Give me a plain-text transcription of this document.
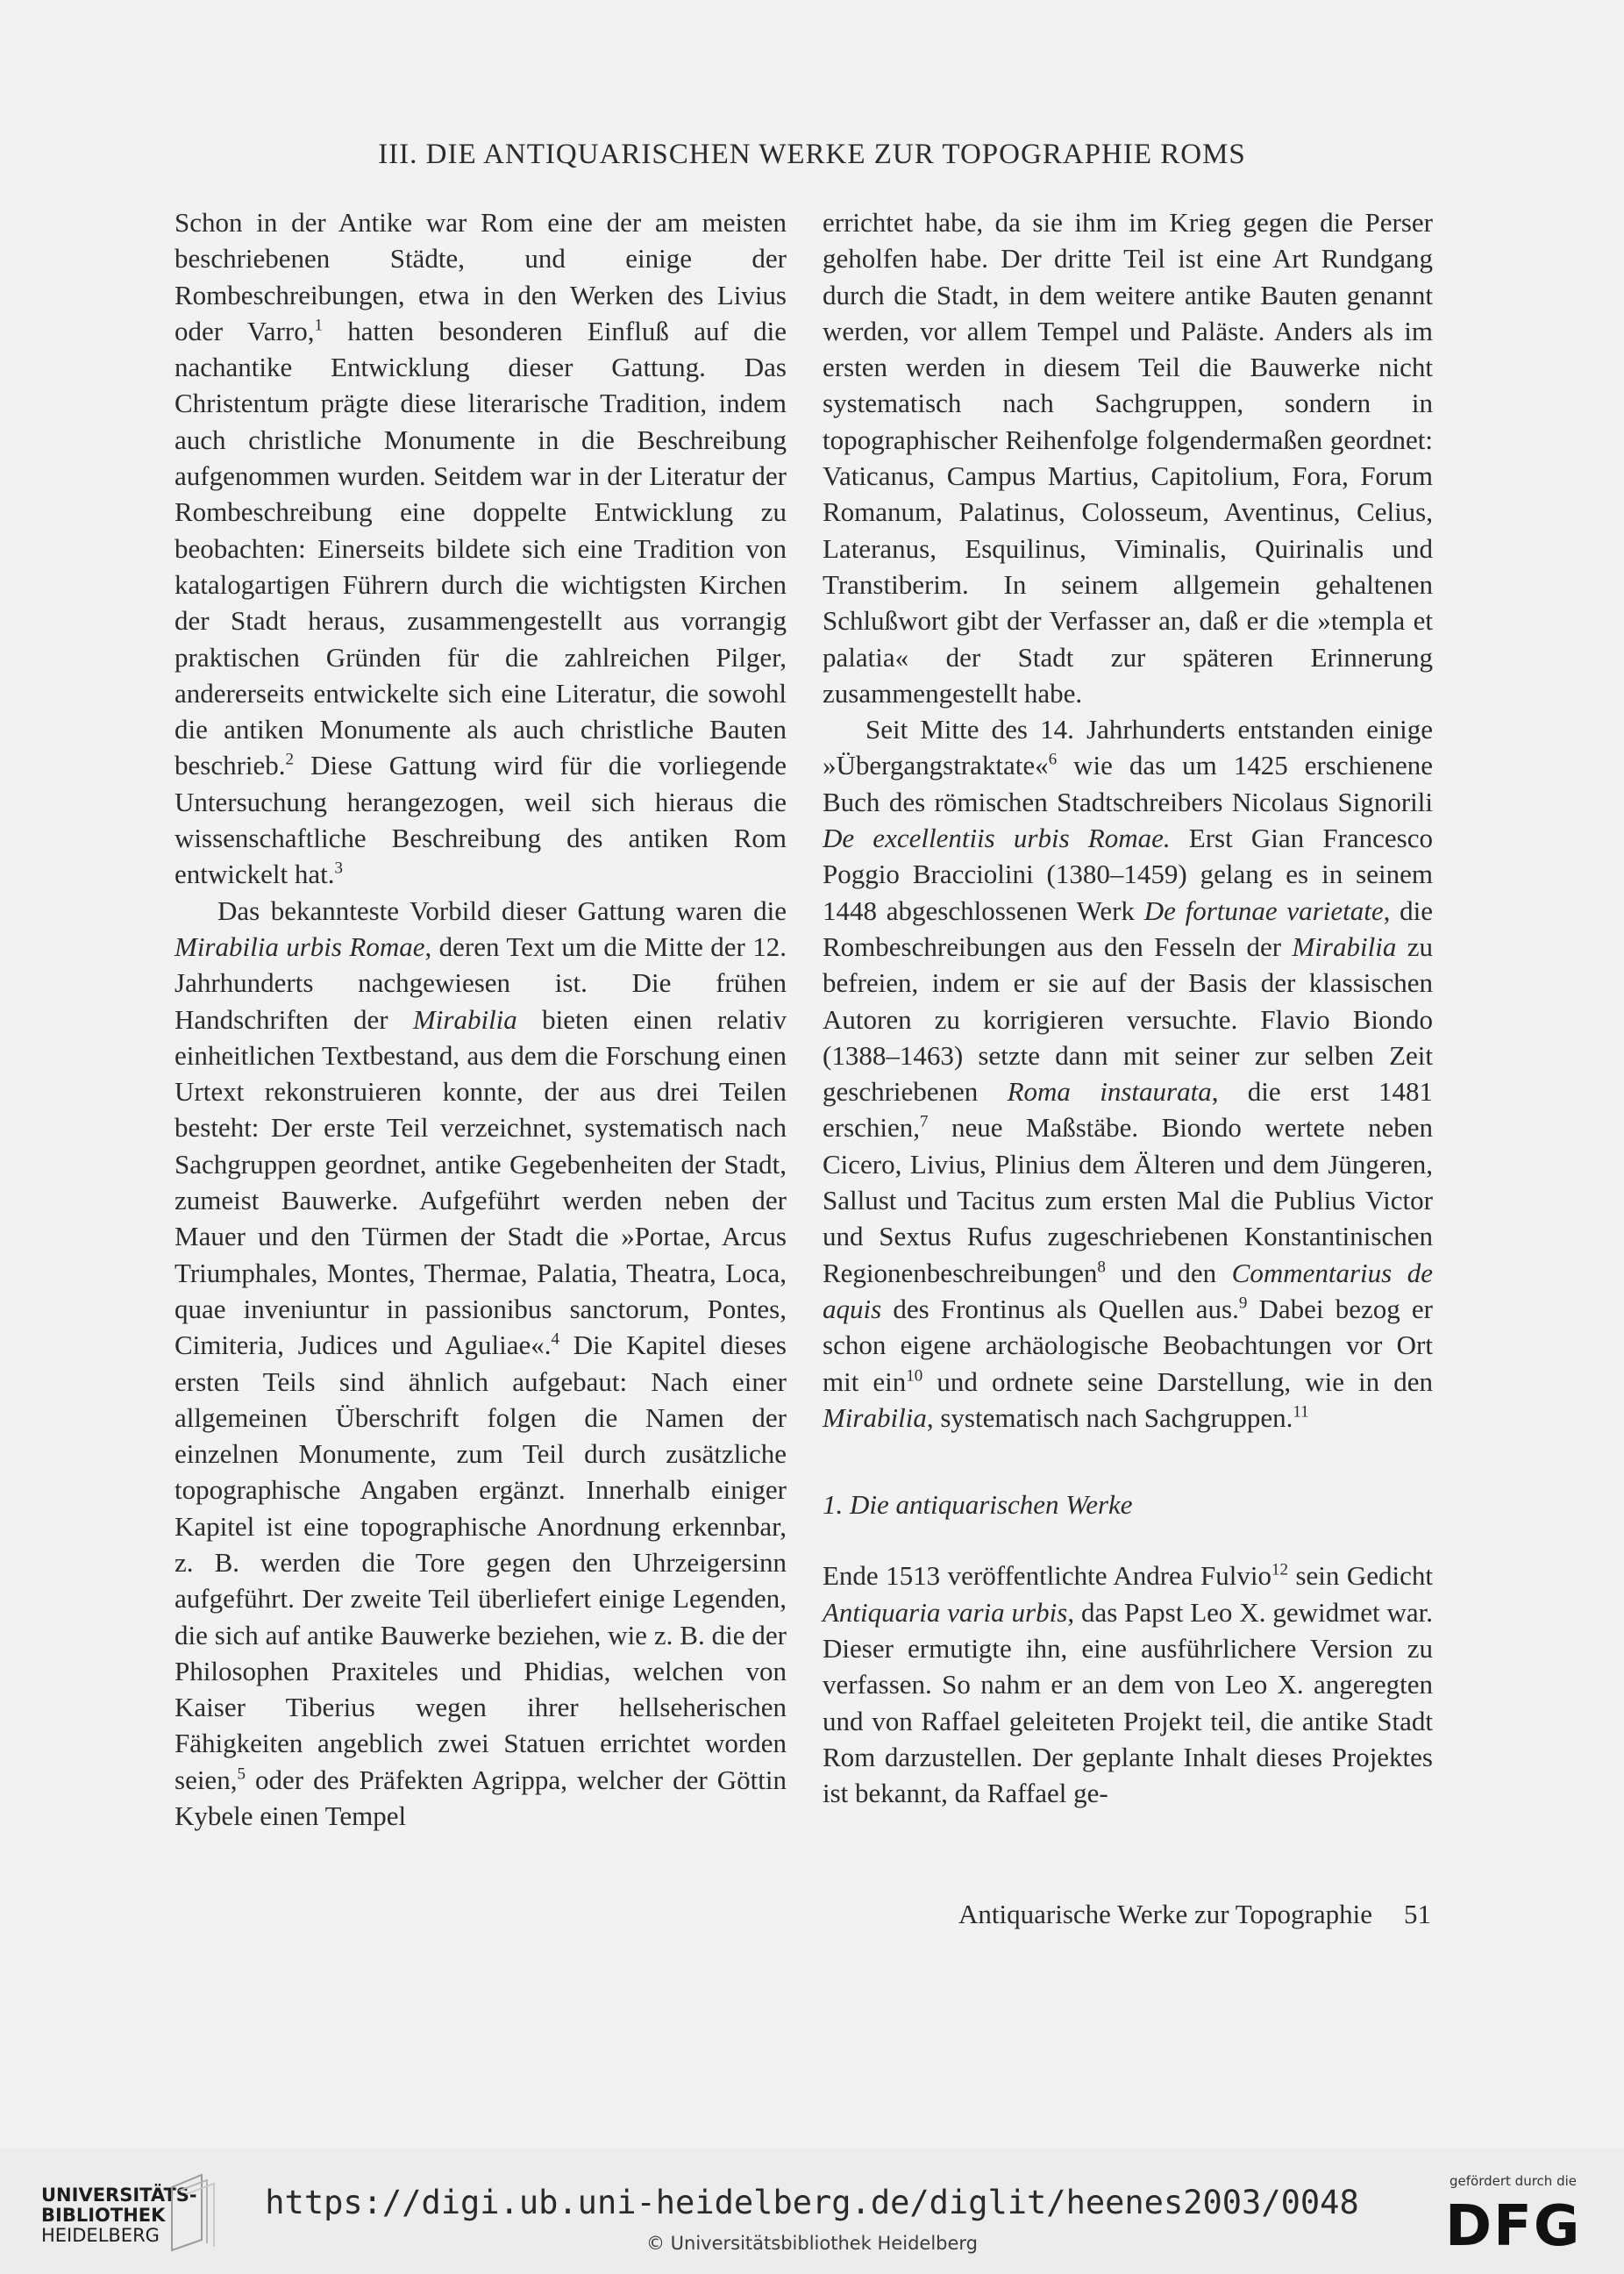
III. DIE ANTIQUARISCHEN WERKE ZUR TOPOGRAPHIE ROMS

Schon in der Antike war Rom eine der am meisten beschriebenen Städte, und einige der Rombeschreibungen, etwa in den Werken des Livius oder Varro,$^1$ hatten besonderen Einfluß auf die nachantike Entwicklung dieser Gattung. Das Christentum prägte diese literarische Tradition, indem auch christliche Monumente in die Beschreibung aufgenommen wurden. Seitdem war in der Literatur der Rombeschreibung eine doppelte Entwicklung zu beobachten: Einerseits bildete sich eine Tradition von katalogartigen Führern durch die wichtigsten Kirchen der Stadt heraus, zusammengestellt aus vorrangig praktischen Gründen für die zahlreichen Pilger, andererseits entwickelte sich eine Literatur, die sowohl die antiken Monumente als auch christliche Bauten beschrieb.$^2$ Diese Gattung wird für die vorliegende Untersuchung herangezogen, weil sich hieraus die wissenschaftliche Beschreibung des antiken Rom entwickelt hat.$^3$

Das bekannteste Vorbild dieser Gattung waren die Mirabilia urbis Romae, deren Text um die Mitte der 12. Jahrhunderts nachgewiesen ist. Die frühen Handschriften der Mirabilia bieten einen relativ einheitlichen Textbestand, aus dem die Forschung einen Urtext rekonstruieren konnte, der aus drei Teilen besteht: Der erste Teil verzeichnet, systematisch nach Sachgruppen geordnet, antike Gegebenheiten der Stadt, zumeist Bauwerke. Aufgeführt werden neben der Mauer und den Türmen der Stadt die »Portae, Arcus Triumphales, Montes, Thermae, Palatia, Theatra, Loca, quae inveniuntur in passionibus sanctorum, Pontes, Cimiteria, Judices und Aguliae«.$^4$ Die Kapitel dieses ersten Teils sind ähnlich aufgebaut: Nach einer allgemeinen Überschrift folgen die Namen der einzelnen Monumente, zum Teil durch zusätzliche topographische Angaben ergänzt. Innerhalb einiger Kapitel ist eine topographische Anordnung erkennbar, z. B. werden die Tore gegen den Uhrzeigersinn aufgeführt. Der zweite Teil überliefert einige Legenden, die sich auf antike Bauwerke beziehen, wie z. B. die der Philosophen Praxiteles und Phidias, welchen von Kaiser Tiberius wegen ihrer hellseherischen Fähigkeiten angeblich zwei Statuen errichtet worden seien,$^5$ oder des Präfekten Agrippa, welcher der Göttin Kybele einen Tempel

errichtet habe, da sie ihm im Krieg gegen die Perser geholfen habe. Der dritte Teil ist eine Art Rundgang durch die Stadt, in dem weitere antike Bauten genannt werden, vor allem Tempel und Paläste. Anders als im ersten werden in diesem Teil die Bauwerke nicht systematisch nach Sachgruppen, sondern in topographischer Reihenfolge folgendermaßen geordnet: Vaticanus, Campus Martius, Capitolium, Fora, Forum Romanum, Palatinus, Colosseum, Aventinus, Celius, Lateranus, Esquilinus, Viminalis, Quirinalis und Transtiberim. In seinem allgemein gehaltenen Schlußwort gibt der Verfasser an, daß er die »templa et palatia« der Stadt zur späteren Erinnerung zusammengestellt habe.

Seit Mitte des 14. Jahrhunderts entstanden einige »Übergangstraktate«$^6$ wie das um 1425 erschienene Buch des römischen Stadtschreibers Nicolaus Signorili De excellentiis urbis Romae. Erst Gian Francesco Poggio Bracciolini (1380–1459) gelang es in seinem 1448 abgeschlossenen Werk De fortunae varietate, die Rombeschreibungen aus den Fesseln der Mirabilia zu befreien, indem er sie auf der Basis der klassischen Autoren zu korrigieren versuchte. Flavio Biondo (1388–1463) setzte dann mit seiner zur selben Zeit geschriebenen Roma instaurata, die erst 1481 erschien,$^7$ neue Maßstäbe. Biondo wertete neben Cicero, Livius, Plinius dem Älteren und dem Jüngeren, Sallust und Tacitus zum ersten Mal die Publius Victor und Sextus Rufus zugeschriebenen Konstantinischen Regionenbeschreibungen$^8$ und den Commentarius de aquis des Frontinus als Quellen aus.$^9$ Dabei bezog er schon eigene archäologische Beobachtungen vor Ort mit ein$^{10}$ und ordnete seine Darstellung, wie in den Mirabilia, systematisch nach Sachgruppen.$^{11}$

1. Die antiquarischen Werke

Ende 1513 veröffentlichte Andrea Fulvio$^{12}$ sein Gedicht Antiquaria varia urbis, das Papst Leo X. gewidmet war. Dieser ermutigte ihn, eine ausführlichere Version zu verfassen. So nahm er an dem von Leo X. angeregten und von Raffael geleiteten Projekt teil, die antike Stadt Rom darzustellen. Der geplante Inhalt dieses Projektes ist bekannt, da Raffael ge-

Antiquarische Werke zur Topographie 51
UNIVERSITÄTS-
BIBLIOTHEK
HEIDELBERG
https://digi.ub.uni-heidelberg.de/diglit/heenes2003/0048
© Universitätsbibliothek Heidelberg
gefördert durch die
DFG
